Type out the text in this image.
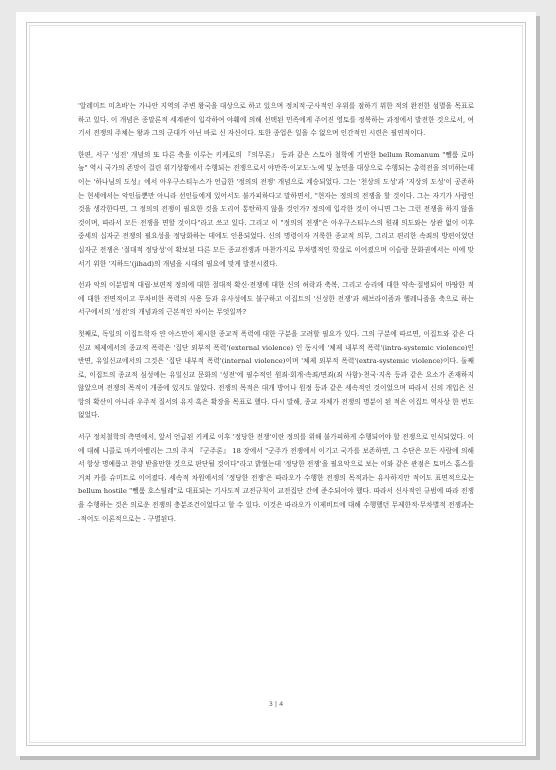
'알레미트 미츠바'는 가나안 지역의 주변 왕국을 대상으로 하고 있으며 정치적·군사적인 우위를 점하기 위한 적의 완전한 섬멸을 목표로 하고 있다. 이 개념은 종말론적 세계관이 입각하여 야훼에 의해 선택된 민족에게 주어진 영토를 정복하는 과정에서 발전한 것으로서, 여기서 전쟁의 주체는 왕과 그의 군대가 아닌 바로 신 자신이다. 또한 종업은 일을 수 없으며 인간적인 시련은 필연적이다.

한편, 서구 '성전' 개념의 또 다른 축을 이루는 키케로의 『의무론』 등과 같은 스토아 철학에 기반한 bellum Romanum "뻴룸 로마눔" 역시 국가의 존망이 걸린 위기상황에서 수행되는 전쟁으로서 야만족·이교도·노예 및 농민을 대상으로 수행되는 총력전을 의미하는데 이는 '하나님의 도성』에서 아우구스티누스가 언급한 '정의의 전쟁' 개념으로 계승되었다. 그는 '천상의 도성'과 '지상의 도성'이 공존하는 현세에서는 악인들뿐만 아니라 선인들에게 있어서도 불가피하다고 말하면서, "현자는 정의의 전쟁을 할 것이다. 그는 자기가 사람인 것을 생각한다면, 그 정의의 전쟁이 필요한 것을 도리어 통탄하지 않을 것인가? 정의에 입각한 것이 아니면 그는 그런 전쟁을 하지 않을 것이며, 따라서 모든 전쟁을 면할 것이다"라고 쓰고 있다. 그리고 이 "정의의 전쟁"은 아우구스티누스의 원래 의도와는 상관 없이 이후 중세의 십자군 전쟁의 필요성을 정당화하는 데에도 인용되었다. 신의 명령이자 거룩한 종교적 의무, 그리고 편리한 속죄의 방편이었던 십자군 전쟁은 '절대적 정당성'이 확보된 다른 모든 종교전쟁과 마찬가지로 무차별적인 학살로 이어졌으며 이슬람 문화권에서는 이에 맞서기 위한 '지하드'(jihad)의 개념을 시대의 필요에 맞게 발전시켰다.

선과 악의 이분법적 대립·보편적 정의에 대한 절대적 확신·전쟁에 대한 신의 허락과 축복, 그리고 승리에 대한 약속·질병되어 마땅한 적에 대한 전면적이고 무차비한 폭력의 사용 등과 유사성에도 불구하고 이집트의 '신성한 전쟁'과 헤브라이즘과 헬레니즘을 축으로 하는 서구에서의 '성전'의 개념과의 근본적인 차이는 무엇일까?

첫째로, 독일의 이집트학자 얀 아스만이 제시한 종교적 폭력에 대한 구분을 고려할 필요가 있다. 그의 구분에 따르면, 이집트와 같은 다신교 체제에서의 종교적 폭력은 '집단 외부적 폭력'(external violence) 인 동시에 '체제 내부적 폭력'(intra-systemic violence)인 반면, 유일신교에서의 그것은 '집단 내부적 폭력'(internal violence)이며 '체제 외부적 폭력'(extra-systemic violence)이다. 둘째로, 이집트의 종교적 심성에는 유일신교 문화의 '성전'에 필수적인 원죄·회개·속죄/면죄(죄 사함)·천국·지옥 등과 같은 요소가 존재하지 않았으며 전쟁의 목적이 개종에 있지도 않았다. 전쟁의 목적은 대개 방어나 원정 등과 같은 세속적인 것이었으며 따라서 신의 개입은 신앙의 확산이 아니라 우주적 질서의 유지 혹은 확장을 목표로 했다. 다시 말해, 종교 자체가 전쟁의 명분이 된 적은 이집트 역사상 한 번도 없었다.

서구 정치철학의 측면에서, 앞서 언급된 키케로 이후 '정당한 전쟁'이란 정의를 위해 불가피하게 수행되어야 할 전쟁으로 인식되었다. 이에 대해 니콜로 마키아벨리는 그의 주저 『군주론』 18 장에서 "군주가 전쟁에서 이기고 국가를 보존하면, 그 수단은 모든 사람에 의해서 항상 명예롭고 찬양 받을만한 것으로 판단될 것이다"라고 밝혔는데 '정당한 전쟁'을 필요악으로 보는 이와 같은 관점은 토머스 홉스를 거쳐 카를 슈미트로 이어졌다. 세속적 차원에서의 '정당한 전쟁'은 따라오가 수행한 전쟁의 목적과는 유사하지만 적어도 표면적으로는 bellum hostile "뻴룸 호스틸레"로 대표되는 기사도적 교전규칙이 교전집단 간에 준수되어야 했다. 따라서 신사적인 규범에 따라 전쟁을 수행하는 것은 의로운 전쟁의 충분조건이었다고 할 수 있다. 이것은 따라오가 이제비트에 대해 수행했던 무제한적·무차별적 전쟁과는 -적어도 이론적으로는 - 구별된다.

3 | 4
